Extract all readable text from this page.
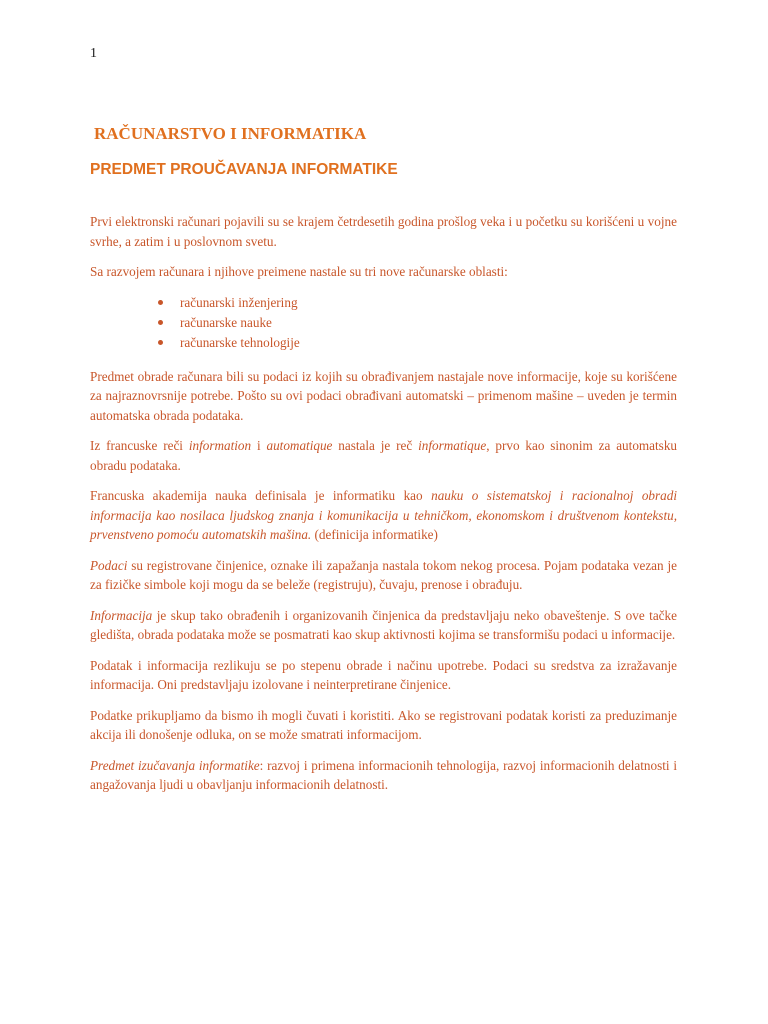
1
RAČUNARSTVO I INFORMATIKA
PREDMET PROUČAVANJA INFORMATIKE

Prvi elektronski računari pojavili su se krajem četrdesetih godina prošlog veka i u početku su korišćeni u vojne svrhe, a zatim i u poslovnom svetu.

Sa razvojem računara i njihove preimene nastale su tri nove računarske oblasti:

računarski inženjering
računarske nauke
računarske tehnologije

Predmet obrade računara bili su podaci iz kojih su obrađivanjem nastajale nove informacije, koje su korišćene za najraznovrsnije potrebe. Pošto su ovi podaci obrađivani automatski – primenom mašine – uveden je termin automatska obrada podataka.

Iz francuske reči information i automatique nastala je reč informatique, prvo kao sinonim za automatsku obradu podataka.

Francuska akademija nauka definisala je informatiku kao nauku o sistematskoj i racionalnoj obradi informacija kao nosilaca ljudskog znanja i komunikacija u tehničkom, ekonomskom i društvenom kontekstu, prvenstveno pomoću automatskih mašina. (definicija informatike)

Podaci su registrovane činjenice, oznake ili zapažanja nastala tokom nekog procesa. Pojam podataka vezan je za fizičke simbole koji mogu da se beleže (registruju), čuvaju, prenose i obrađuju.

Informacija je skup tako obrađenih i organizovanih činjenica da predstavljaju neko obaveštenje. S ove tačke gledišta, obrada podataka može se posmatrati kao skup aktivnosti kojima se transformišu podaci u informacije.

Podatak i informacija rezlikuju se po stepenu obrade i načinu upotrebe. Podaci su sredstva za izražavanje informacija. Oni predstavljaju izolovane i neinterpretirane činjenice.

Podatke prikupljamo da bismo ih mogli čuvati i koristiti. Ako se registrovani podatak koristi za preduzimanje akcija ili donošenje odluka, on se može smatrati informacijom.

Predmet izučavanja informatike: razvoj i primena informacionih tehnologija, razvoj informacionih delatnosti i angažovanja ljudi u obavljanju informacionih delatnosti.
